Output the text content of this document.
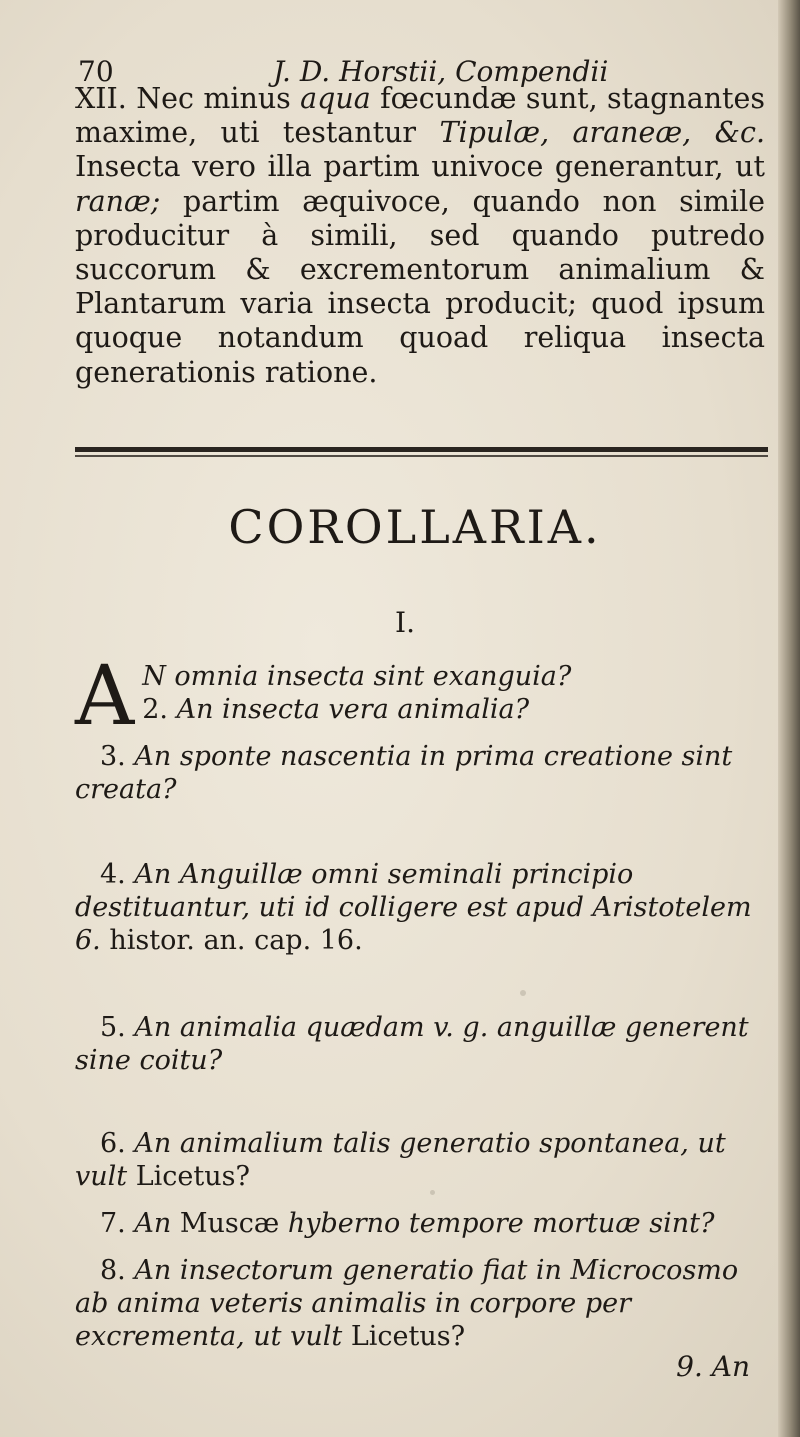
70	J. D. Horstii, Compendii
XII. Nec minus aqua fœcundæ sunt, stagnantes maxime, uti testantur Tipulæ, araneæ, &c. Insecta vero illa partim univoce generantur, ut ranæ; partim æquivoce, quando non simile producitur à simili, sed quando putredo succorum & excrementorum animalium & Plantarum varia insecta producit; quod ipsum quoque notandum quoad reliqua insecta generationis ratione.
COROLLARIA.
I.
A N omnia insecta sint exanguia?
2. An insecta vera animalia?
3. An sponte nascentia in prima creatione sint creata?
4. An Anguillæ omni seminali principio destituantur, uti id colligere est apud Aristotelem 6. histor. an. cap. 16.
5. An animalia quædam v. g. anguillæ generent sine coitu?
6. An animalium talis generatio spontanea, ut vult Licetus?
7. An Muscæ hyberno tempore mortuæ sint?
8. An insectorum generatio fiat in Microcosmo ab anima veteris animalis in corpore per excrementa, ut vult Licetus?
9. An
